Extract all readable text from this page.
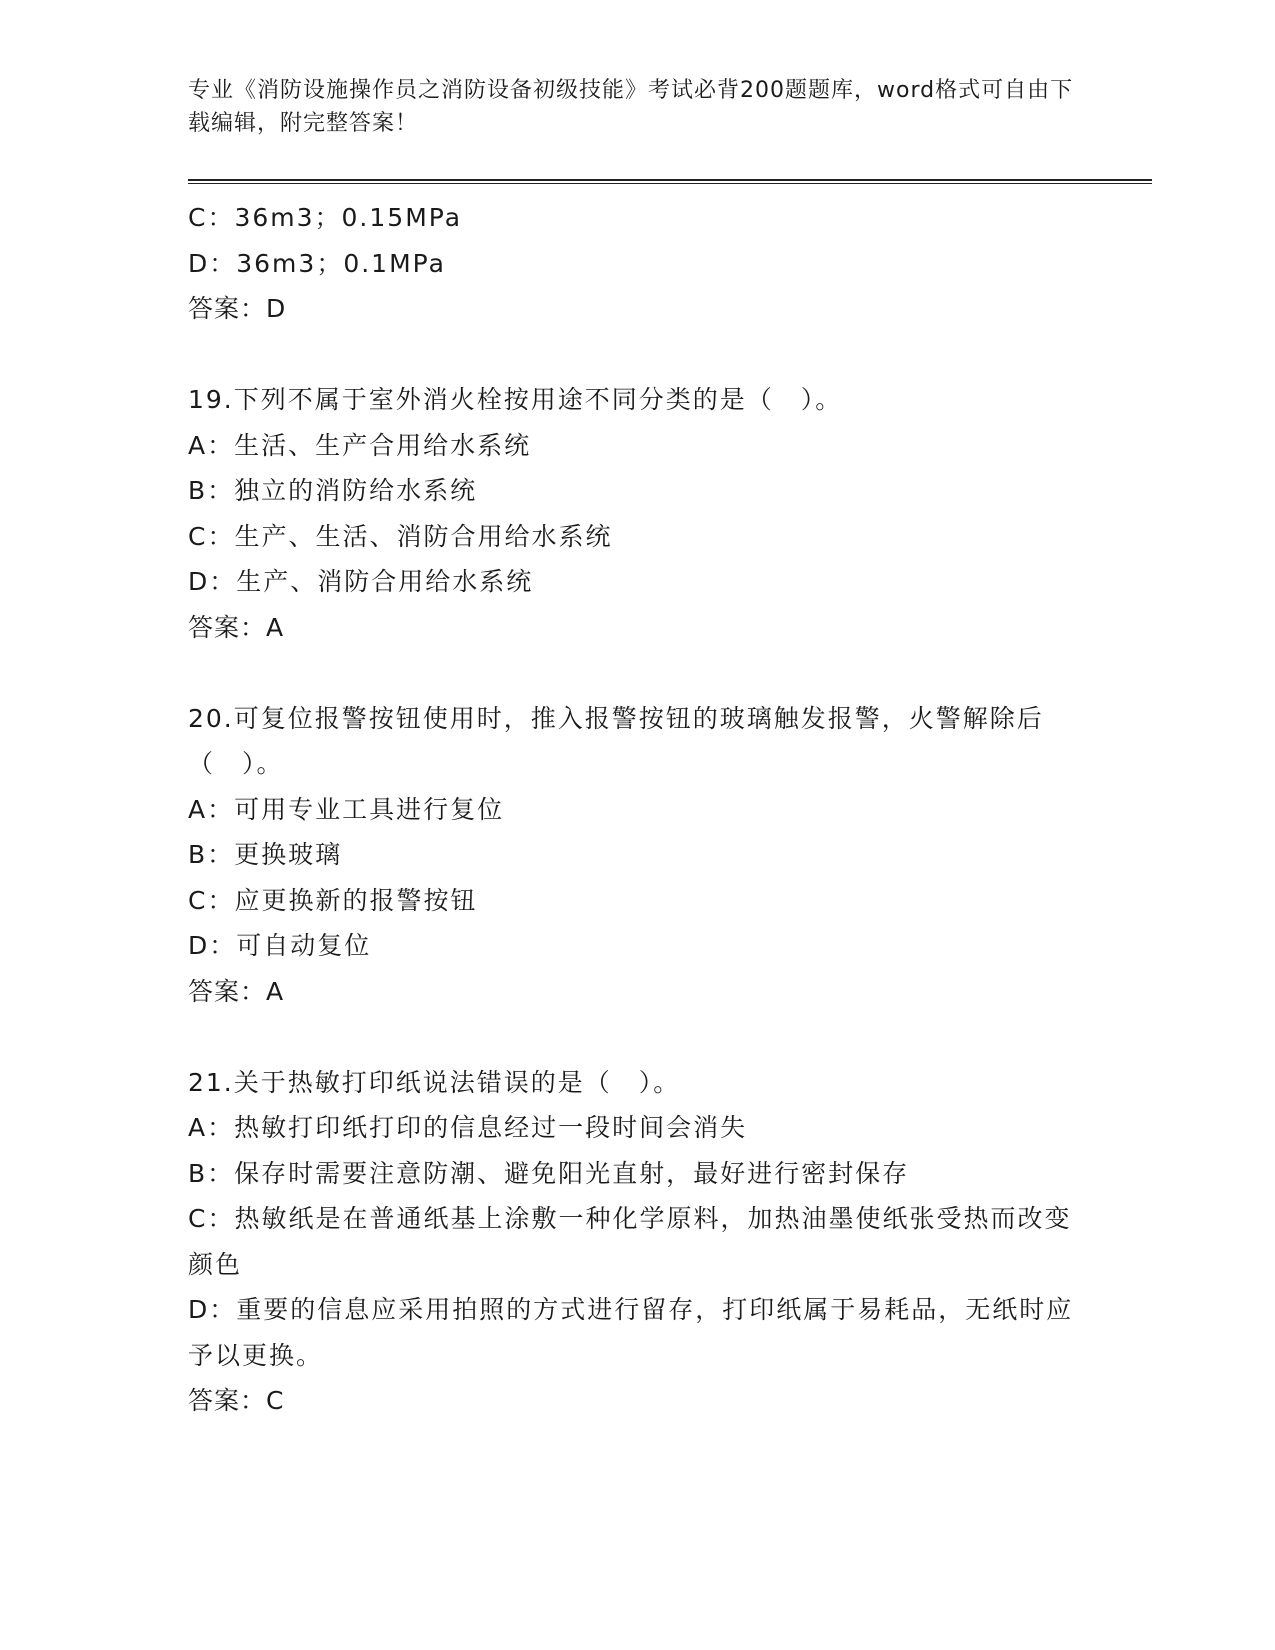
专业《消防设施操作员之消防设备初级技能》考试必背200题题库，word格式可自由下载编辑，附完整答案！

C：36m3；0.15MPa

D：36m3；0.1MPa

答案：D

19.下列不属于室外消火栓按用途不同分类的是（　）。

A：生活、生产合用给水系统

B：独立的消防给水系统

C：生产、生活、消防合用给水系统

D：生产、消防合用给水系统

答案：A

20.可复位报警按钮使用时，推入报警按钮的玻璃触发报警，火警解除后（　）。

A：可用专业工具进行复位

B：更换玻璃

C：应更换新的报警按钮

D：可自动复位

答案：A

21.关于热敏打印纸说法错误的是（　）。

A：热敏打印纸打印的信息经过一段时间会消失

B：保存时需要注意防潮、避免阳光直射，最好进行密封保存

C：热敏纸是在普通纸基上涂敷一种化学原料，加热油墨使纸张受热而改变颜色

D：重要的信息应采用拍照的方式进行留存，打印纸属于易耗品，无纸时应予以更换。

答案：C
